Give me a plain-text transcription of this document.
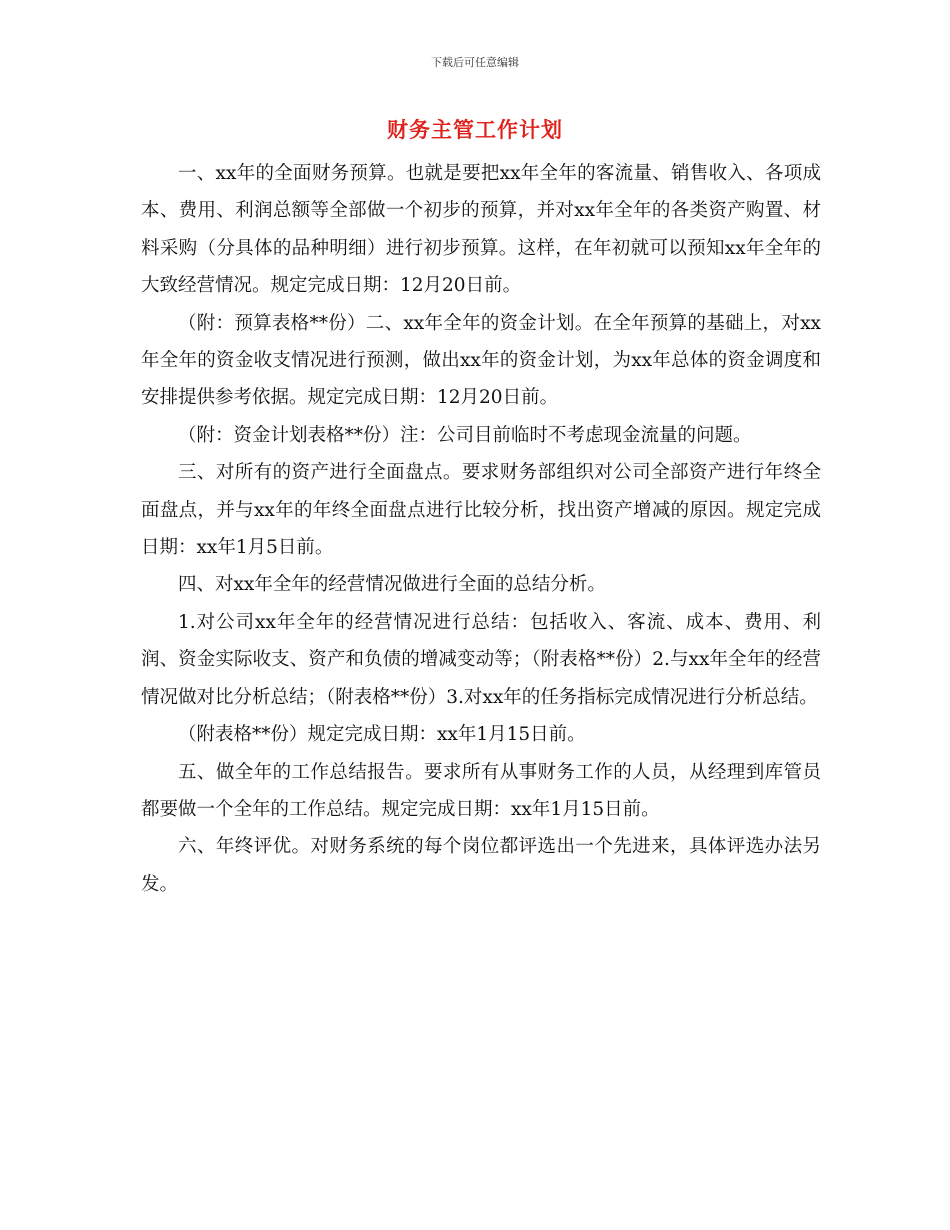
下载后可任意编辑
财务主管工作计划

一、xx年的全面财务预算。也就是要把xx年全年的客流量、销售收入、各项成本、费用、利润总额等全部做一个初步的预算，并对xx年全年的各类资产购置、材料采购（分具体的品种明细）进行初步预算。这样，在年初就可以预知xx年全年的大致经营情况。规定完成日期：12月20日前。

（附：预算表格**份）二、xx年全年的资金计划。在全年预算的基础上，对xx年全年的资金收支情况进行预测，做出xx年的资金计划，为xx年总体的资金调度和安排提供参考依据。规定完成日期：12月20日前。

（附：资金计划表格**份）注：公司目前临时不考虑现金流量的问题。

三、对所有的资产进行全面盘点。要求财务部组织对公司全部资产进行年终全面盘点，并与xx年的年终全面盘点进行比较分析，找出资产增减的原因。规定完成日期：xx年1月5日前。

四、对xx年全年的经营情况做进行全面的总结分析。

1.对公司xx年全年的经营情况进行总结：包括收入、客流、成本、费用、利润、资金实际收支、资产和负债的增减变动等；（附表格**份）2.与xx年全年的经营情况做对比分析总结；（附表格**份）3.对xx年的任务指标完成情况进行分析总结。

（附表格**份）规定完成日期：xx年1月15日前。

五、做全年的工作总结报告。要求所有从事财务工作的人员，从经理到库管员都要做一个全年的工作总结。规定完成日期：xx年1月15日前。

六、年终评优。对财务系统的每个岗位都评选出一个先进来，具体评选办法另发。
